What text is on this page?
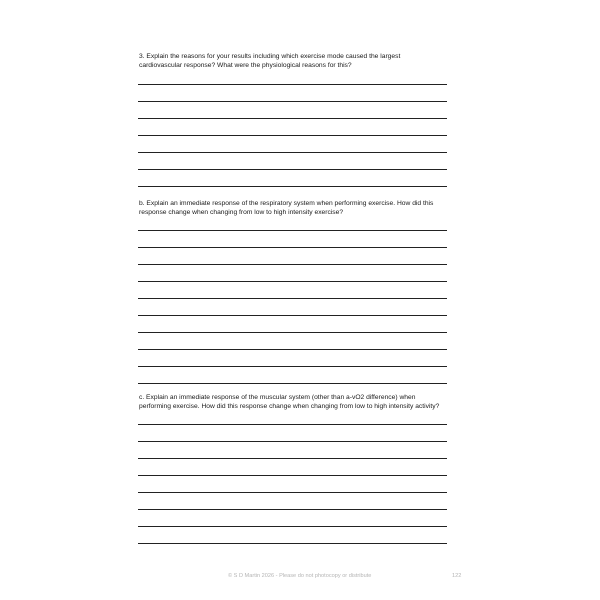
3. Explain the reasons for your results including which exercise mode caused the largest
cardiovascular response? What were the physiological reasons for this?
b. Explain an immediate response of the respiratory system when performing exercise. How did this
response change when changing from low to high intensity exercise?
c. Explain an immediate response of the muscular system (other than a-vO2 difference) when
performing exercise. How did this response change when changing from low to high intensity activity?
© S D Martin 2026 - Please do not photocopy or distribute	122
